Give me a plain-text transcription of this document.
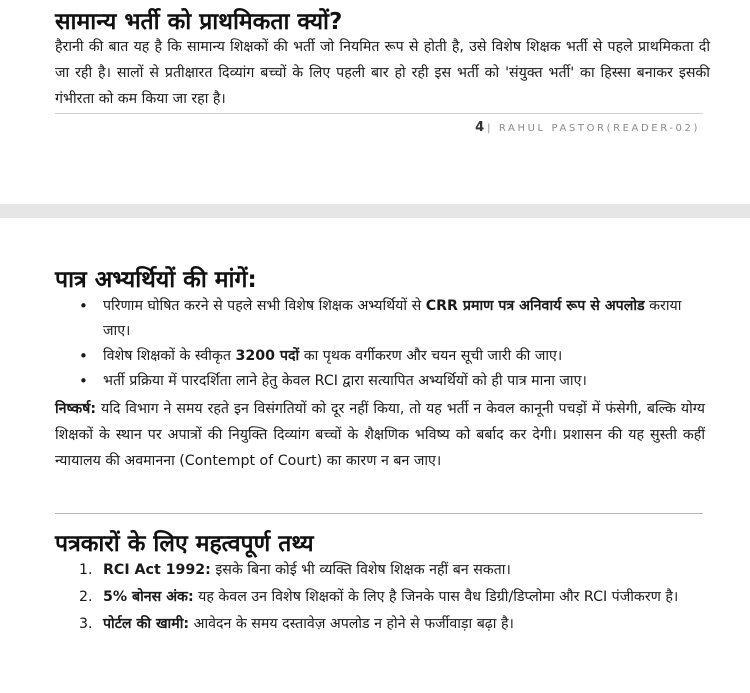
सामान्य भर्ती को प्राथमिकता क्यों?

हैरानी की बात यह है कि सामान्य शिक्षकों की भर्ती जो नियमित रूप से होती है, उसे विशेष शिक्षक भर्ती से पहले प्राथमिकता दी जा रही है। सालों से प्रतीक्षारत दिव्यांग बच्चों के लिए पहली बार हो रही इस भर्ती को 'संयुक्त भर्ती' का हिस्सा बनाकर इसकी गंभीरता को कम किया जा रहा है।

4 | RAHUL PASTOR(READER-02)
पात्र अभ्यर्थियों की मांगें:
• परिणाम घोषित करने से पहले सभी विशेष शिक्षक अभ्यर्थियों से CRR प्रमाण पत्र अनिवार्य रूप से अपलोड कराया जाए।
• विशेष शिक्षकों के स्वीकृत 3200 पदों का पृथक वर्गीकरण और चयन सूची जारी की जाए।
• भर्ती प्रक्रिया में पारदर्शिता लाने हेतु केवल RCI द्वारा सत्यापित अभ्यर्थियों को ही पात्र माना जाए।

निष्कर्ष: यदि विभाग ने समय रहते इन विसंगतियों को दूर नहीं किया, तो यह भर्ती न केवल कानूनी पचड़ों में फंसेगी, बल्कि योग्य शिक्षकों के स्थान पर अपात्रों की नियुक्ति दिव्यांग बच्चों के शैक्षणिक भविष्य को बर्बाद कर देगी। प्रशासन की यह सुस्ती कहीं न्यायालय की अवमानना (Contempt of Court) का कारण न बन जाए।

पत्रकारों के लिए महत्वपूर्ण तथ्य
1. RCI Act 1992: इसके बिना कोई भी व्यक्ति विशेष शिक्षक नहीं बन सकता।
2. 5% बोनस अंक: यह केवल उन विशेष शिक्षकों के लिए है जिनके पास वैध डिग्री/डिप्लोमा और RCI पंजीकरण है।
3. पोर्टल की खामी: आवेदन के समय दस्तावेज़ अपलोड न होने से फर्जीवाड़ा बढ़ा है।
